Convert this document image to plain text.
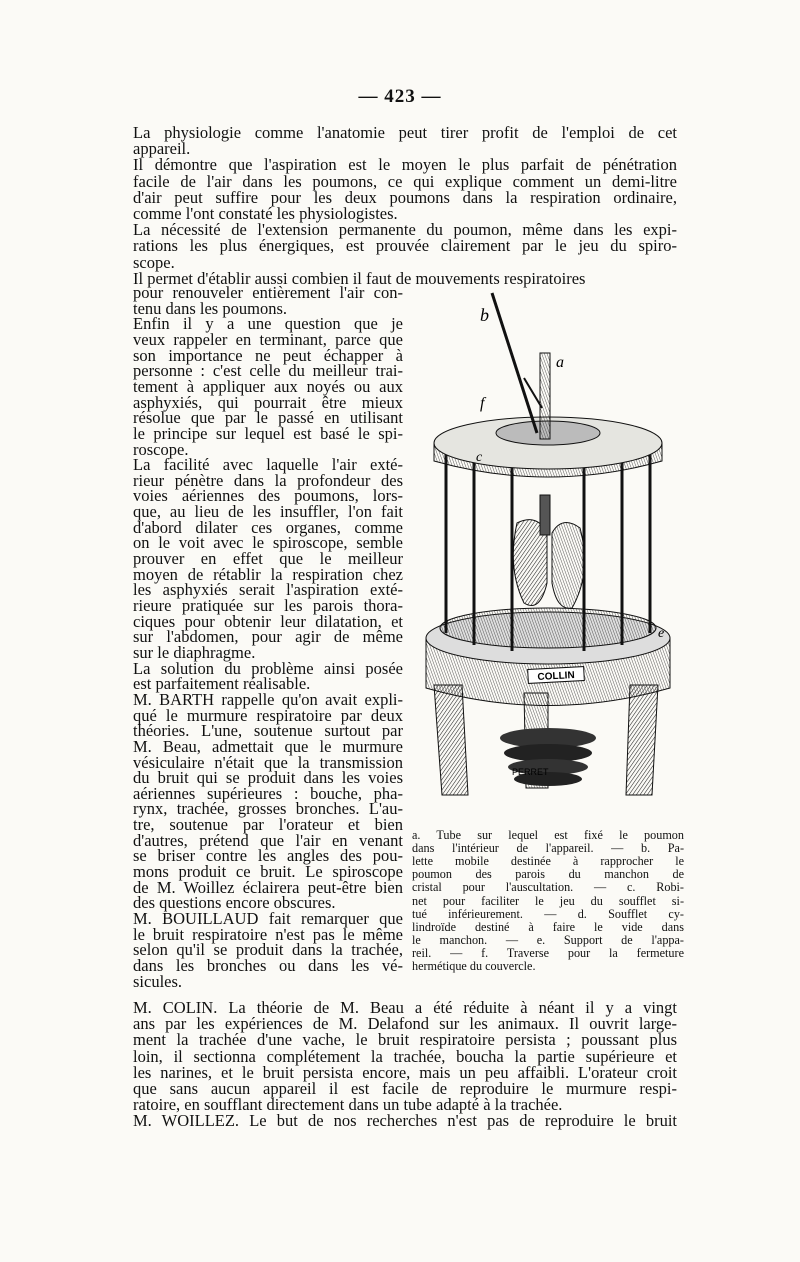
— 423 —
La physiologie comme l'anatomie peut tirer profit de l'emploi de cet
appareil.
Il démontre que l'aspiration est le moyen le plus parfait de pénétration
facile de l'air dans les poumons, ce qui explique comment un demi-litre
d'air peut suffire pour les deux poumons dans la respiration ordinaire,
comme l'ont constaté les physiologistes.
La nécessité de l'extension permanente du poumon, même dans les expi-
rations les plus énergiques, est prouvée clairement par le jeu du spiro-
scope.
Il permet d'établir aussi combien il faut de mouvements respiratoires
pour renouveler entièrement l'air con-
tenu dans les poumons.
Enfin il y a une question que je
veux rappeler en terminant, parce que
son importance ne peut échapper à
personne : c'est celle du meilleur trai-
tement à appliquer aux noyés ou aux
asphyxiés, qui pourrait être mieux
résolue que par le passé en utilisant
le principe sur lequel est basé le spi-
roscope.
La facilité avec laquelle l'air exté-
rieur pénètre dans la profondeur des
voies aériennes des poumons, lors-
que, au lieu de les insuffler, l'on fait
d'abord dilater ces organes, comme
on le voit avec le spiroscope, semble
prouver en effet que le meilleur
moyen de rétablir la respiration chez
les asphyxiés serait l'aspiration exté-
rieure pratiquée sur les parois thora-
ciques pour obtenir leur dilatation, et
sur l'abdomen, pour agir de même
sur le diaphragme.
La solution du problème ainsi posée
est parfaitement réalisable.
M. BARTH rappelle qu'on avait expli-
qué le murmure respiratoire par deux
théories. L'une, soutenue surtout par
M. Beau, admettait que le murmure
vésiculaire n'était que la transmission
du bruit qui se produit dans les voies
aériennes supérieures : bouche, pha-
rynx, trachée, grosses bronches. L'au-
tre, soutenue par l'orateur et bien
d'autres, prétend que l'air en venant
se briser contre les angles des pou-
mons produit ce bruit. Le spiroscope
de M. Woillez éclairera peut-être bien
des questions encore obscures.
M. BOUILLAUD fait remarquer que
le bruit respiratoire n'est pas le même
selon qu'il se produit dans la trachée,
dans les bronches ou dans les vé-
sicules.
a. Tube sur lequel est fixé le poumon
dans l'intérieur de l'appareil. — b. Pa-
lette mobile destinée à rapprocher le
poumon des parois du manchon de
cristal pour l'auscultation. — c. Robi-
net pour faciliter le jeu du soufflet si-
tué inférieurement. — d. Soufflet cy-
lindroïde destiné à faire le vide dans
le manchon. — e. Support de l'appa-
reil. — f. Traverse pour la fermeture
hermétique du couvercle.
M. COLIN. La théorie de M. Beau a été réduite à néant il y a vingt
ans par les expériences de M. Delafond sur les animaux. Il ouvrit large-
ment la trachée d'une vache, le bruit respiratoire persista ; poussant plus
loin, il sectionna complétement la trachée, boucha la partie supérieure et
les narines, et le bruit persista encore, mais un peu affaibli. L'orateur croit
que sans aucun appareil il est facile de reproduire le murmure respi-
ratoire, en soufflant directement dans un tube adapté à la trachée.
M. WOILLEZ. Le but de nos recherches n'est pas de reproduire le bruit
COLLIN
b
a
f
c
e
PERRET
